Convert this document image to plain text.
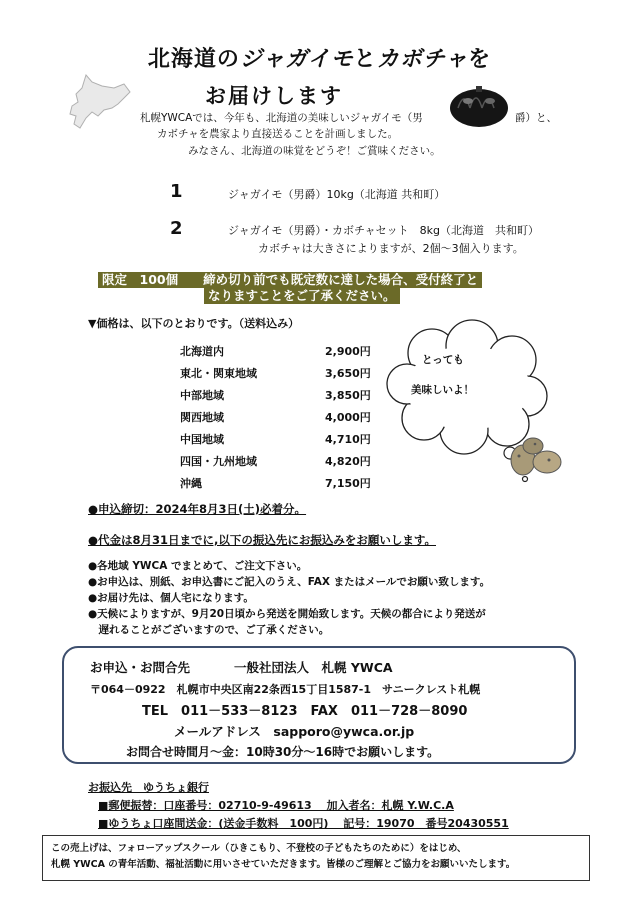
北海道のジャガイモとカボチャを
お届けします
札幌YWCAでは、今年も、北海道の美味しいジャガイモ（男	爵）と、
カボチャを農家より直接送ることを計画しました。
みなさん、北海道の味覚をどうぞ！ご賞味ください。
1	ジャガイモ（男爵）10kg（北海道 共和町）
2	ジャガイモ（男爵）・カボチャセット　8kg（北海道　共和町）
カボチャは大きさによりますが、2個～3個入ります。
限定　100個　　締め切り前でも既定数に達した場合、受付終了と
なりますことをご了承ください。
▼価格は、以下のとおりです。（送料込み）
北海道内	2,900円
東北・関東地域	3,650円
中部地域	3,850円
関西地域	4,000円
中国地域	4,710円
四国・九州地域	4,820円
沖縄	7,150円
とっても
美味しいよ！
●申込締切：2024年8月3日(土)必着分。
●代金は8月31日までに,以下の振込先にお振込みをお願いします。
●各地域 YWCA でまとめて、ご注文下さい。
●お申込は、別紙、お申込書にご記入のうえ、FAX またはメールでお願い致します。
●お届け先は、個人宅になります。
●天候によりますが、9月20日頃から発送を開始致します。天候の都合により発送が
　遅れることがございますので、ご了承ください。
お申込・お問合先	一般社団法人　札幌 YWCA
〒064－0922　札幌市中央区南22条西15丁目1587-1　サニークレスト札幌
TEL　011－533－8123　FAX　011－728－8090
メールアドレス　sapporo@ywca.or.jp
お問合せ時間月～金：10時30分～16時でお願いします。
お振込先　ゆうちょ銀行
■郵便振替：口座番号：02710-9-49613　 加入者名：札幌 Y.W.C.A
■ゆうちょ口座間送金：(送金手数料　100円)　 記号：19070　番号20430551
この売上げは、フォローアップスクール（ひきこもり、不登校の子どもたちのために）をはじめ、
札幌 YWCA の青年活動、福祉活動に用いさせていただきます。皆様のご理解とご協力をお願いいたします。
